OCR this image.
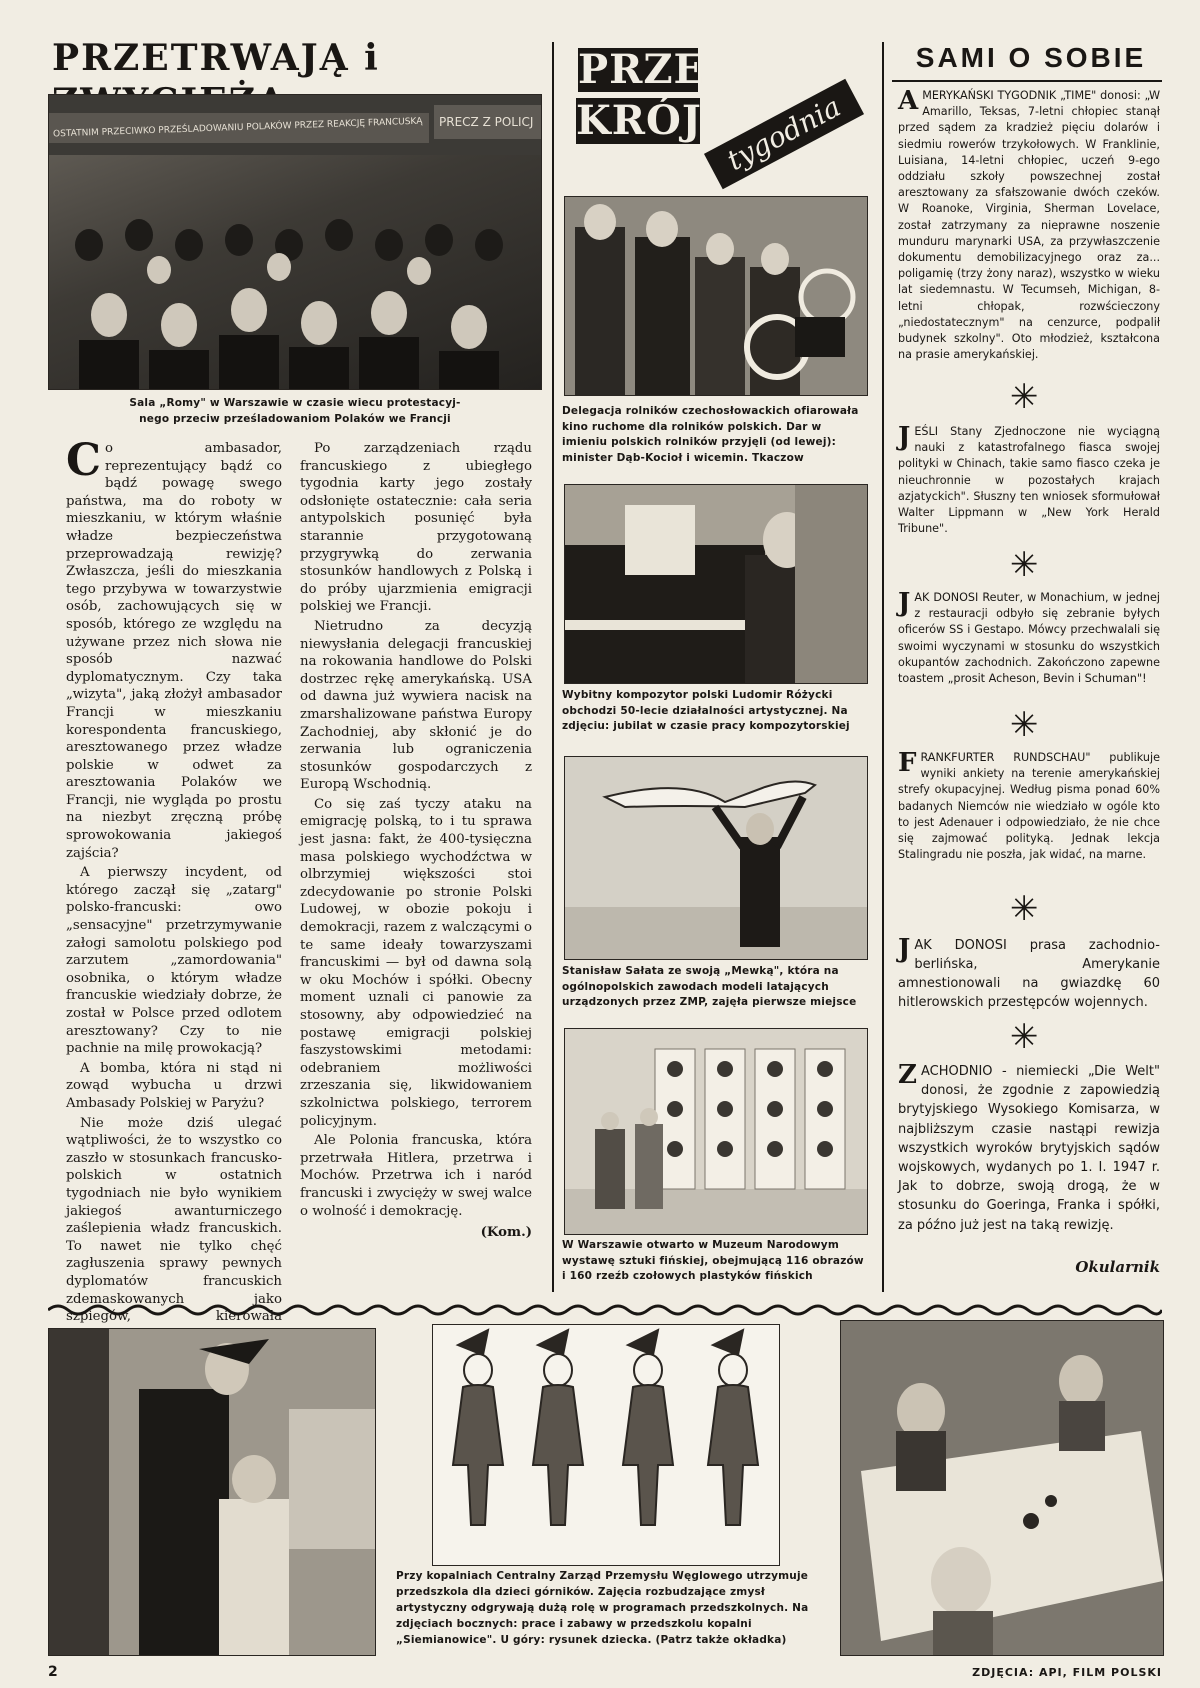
PRZETRWAJĄ i	PRZE
KRÓJ tygodnia
SAMI O SOBIE
OSTATNIM PRZECIWKO PRZEŚLADOWANIU POLAKÓW PRZEZ REAKCJĘ FRANCUSKĄ PRECZ Z POLICJ
Sala „Romy" w Warszawie w czasie wiecu protestacyj-
nego przeciw prześladowaniom Polaków we Francji

Co ambasador, reprezentujący bądź co bądź powagę swego państwa, ma do roboty w mieszkaniu, w którym właśnie władze bezpieczeństwa przeprowadzają rewizję? Zwłaszcza, jeśli do mieszkania tego przybywa w towarzystwie osób, zachowujących się w sposób, którego ze względu na używane przez nich słowa nie sposób nazwać dyplomatycznym. Czy taka „wizyta", jaką złożył ambasador Francji w mieszkaniu korespondenta francuskiego, aresztowanego przez władze polskie w odwet za aresztowania Polaków we Francji, nie wygląda po prostu na niezbyt zręczną próbę sprowokowania jakiegoś zajścia?

A pierwszy incydent, od którego zaczął się „zatarg" polsko-francuski: owo „sensacyjne" przetrzymywanie załogi samolotu polskiego pod zarzutem „zamordowania" osobnika, o którym władze francuskie wiedziały dobrze, że został w Polsce przed odlotem aresztowany? Czy to nie pachnie na milę prowokacją?

A bomba, która ni stąd ni zowąd wybucha u drzwi Ambasady Polskiej w Paryżu?

Nie może dziś ulegać wątpliwości, że to wszystko co zaszło w stosunkach francusko-polskich w ostatnich tygodniach nie było wynikiem jakiegoś awanturniczego zaślepienia władz francuskich. To nawet nie tylko chęć zagłuszenia sprawy pewnych dyplomatów francuskich zdemaskowanych jako szpiegów, kierowała

Po zarządzeniach rządu francuskiego z ubiegłego tygodnia karty jego zostały odsłonięte ostatecznie: cała seria antypolskich posunięć była starannie przygotowaną przygrywką do zerwania stosunków handlowych z Polską i do próby ujarzmienia emigracji polskiej we Francji.

Nietrudno za decyzją niewysłania delegacji francuskiej na rokowania handlowe do Polski dostrzec rękę amerykańską. USA od dawna już wywiera nacisk na zmarshalizowane państwa Europy Zachodniej, aby skłonić je do zerwania lub ograniczenia stosunków gospodarczych z Europą Wschodnią.

Co się zaś tyczy ataku na emigrację polską, to i tu sprawa jest jasna: fakt, że 400-tysięczna masa polskiego wychodźctwa w olbrzymiej większości stoi zdecydowanie po stronie Polski Ludowej, w obozie pokoju i demokracji, razem z walczącymi o te same ideały towarzyszami francuskimi — był od dawna solą w oku Mochów i spółki. Obecny moment uznali ci panowie za stosowny, aby odpowiedzieć na postawę emigracji polskiej faszystowskimi metodami: odebraniem możliwości zrzeszania się, likwidowaniem szkolnictwa polskiego, terrorem policyjnym.

Ale Polonia francuska, która przetrwała Hitlera, przetrwa i Mochów. Przetrwa ich i naród francuski i zwycięży w swej walce o wolność i demokrację.

(Kom.)
Delegacja rolników czechosłowackich ofiarowała kino ruchome dla rolników polskich. Dar w imieniu polskich rolników przyjęli (od lewej): minister Dąb-Kocioł i wicemin. Tkaczow
Wybitny kompozytor polski Ludomir Różycki obchodzi 50-lecie działalności artystycznej. Na zdjęciu: jubilat w czasie pracy kompozytorskiej
Stanisław Sałata ze swoją „Mewką", która na ogólnopolskich zawodach modeli latających urządzonych przez ZMP, zajęła pierwsze miejsce
W Warszawie otwarto w Muzeum Narodowym wystawę sztuki fińskiej, obejmującą 116 obrazów i 160 rzeźb czołowych plastyków fińskich

AMERYKAŃSKI TYGODNIK „TIME" donosi: „W Amarillo, Teksas, 7-letni chłopiec stanął przed sądem za kradzież pięciu dolarów i siedmiu rowerów trzykołowych. W Franklinie, Luisiana, 14-letni chłopiec, uczeń 9-ego oddziału szkoły powszechnej został aresztowany za sfałszowanie dwóch czeków. W Roanoke, Virginia, Sherman Lovelace, został zatrzymany za nieprawne noszenie munduru marynarki USA, za przywłaszczenie dokumentu demobilizacyjnego oraz za... poligamię (trzy żony naraz), wszystko w wieku lat siedemnastu. W Tecumseh, Michigan, 8-letni chłopak, rozwścieczony „niedostatecznym" na cenzurce, podpalił budynek szkolny". Oto młodzież, kształcona na prasie amerykańskiej.

✳

JEŚLI Stany Zjednoczone nie wyciągną nauki z katastrofalnego fiasca swojej polityki w Chinach, takie samo fiasco czeka je nieuchronnie w pozostałych krajach azjatyckich". Słuszny ten wniosek sformułował Walter Lippmann w „New York Herald Tribune".

✳

JAK DONOSI Reuter, w Monachium, w jednej z restauracji odbyło się zebranie byłych oficerów SS i Gestapo. Mówcy przechwalali się swoimi wyczynami w stosunku do wszystkich okupantów zachodnich. Zakończono zapewne toastem „prosit Acheson, Bevin i Schuman"!

✳

FRANKFURTER RUNDSCHAU" publikuje wyniki ankiety na terenie amerykańskiej strefy okupacyjnej. Według pisma ponad 60% badanych Niemców nie wiedziało w ogóle kto to jest Adenauer i odpowiedziało, że nie chce się zajmować polityką. Jednak lekcja Stalingradu nie poszła, jak widać, na marne.

✳

JAK DONOSI prasa zachodnio-berlińska, Amerykanie amnestionowali na gwiazdkę 60 hitlerowskich przestępców wojennych.

✳

ZACHODNIO - niemiecki „Die Welt" donosi, że zgodnie z zapowiedzią brytyjskiego Wysokiego Komisarza, w najbliższym czasie nastąpi rewizja wszystkich wyroków brytyjskich sądów wojskowych, wydanych po 1. I. 1947 r. Jak to dobrze, swoją drogą, że w stosunku do Goeringa, Franka i spółki, za późno już jest na taką rewizję.

Okularnik
Przy kopalniach Centralny Zarząd Przemysłu Węglowego utrzymuje przedszkola dla dzieci górników. Zajęcia rozbudzające zmysł artystyczny odgrywają dużą rolę w programach przedszkolnych. Na zdjęciach bocznych: prace i zabawy w przedszkolu kopalni „Siemianowice". U góry: rysunek dziecka. (Patrz także okładka)
2	ZDJĘCIA: API, FILM POLSKI
